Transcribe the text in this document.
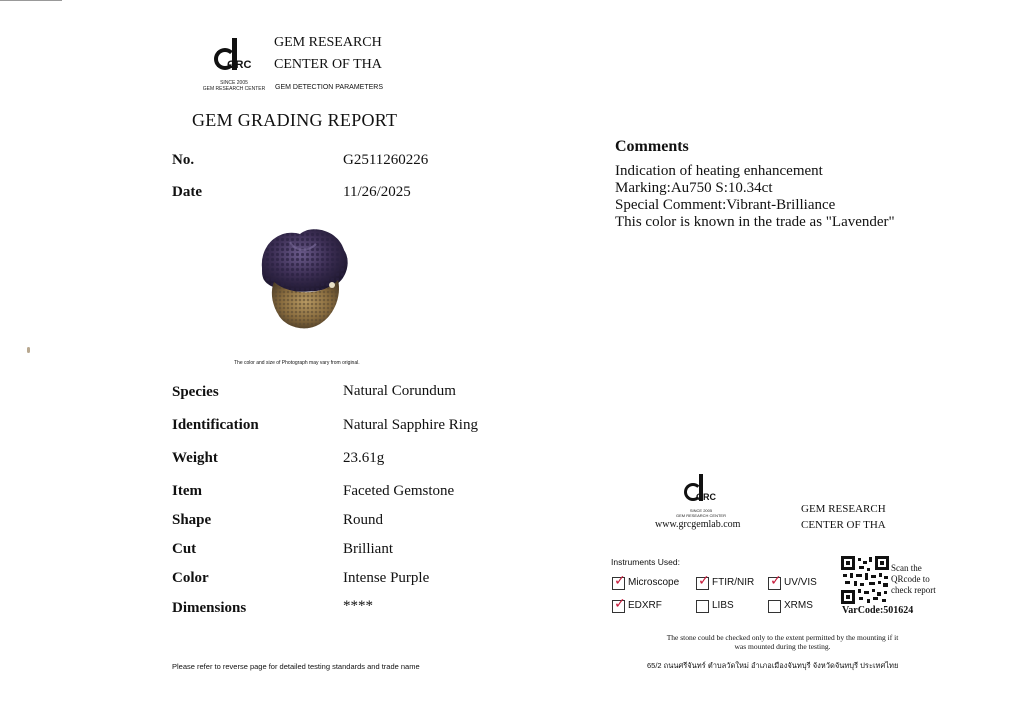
GRC
SINCE 2005
GEM RESEARCH CENTER
GEM RESEARCH
CENTER OF THA
GEM DETECTION PARAMETERS
GEM GRADING REPORT
No.	G2511260226
Date	11/26/2025
The color and size of Photograph may vary from original.
Species	Natural Corundum
Identification	Natural Sapphire Ring
Weight	23.61g
Item	Faceted Gemstone
Shape	Round
Cut	Brilliant
Color	Intense Purple
Dimensions	****
Please refer to reverse page for detailed testing standards and trade name
Comments
Indication of heating enhancement
Marking:Au750 S:10.34ct
Special Comment:Vibrant-Brilliance
This color is known in the trade as "Lavender"
GRC
SINCE 2005
GEM RESEARCH CENTER
www.grcgemlab.com
GEM RESEARCH
CENTER OF THA
Instruments Used:
✓ Microscope ✓ FTIR/NIR ✓ UV/VIS
✓ EDXRF	LIBS	XRMS
Scan the
QRcode to
check report
VarCode:501624
The stone could be checked only to the extent permitted by the mounting if it
was mounted during the testing.
65/2 ถนนศรีจันทร์ ตำบลวัดใหม่ อำเภอเมืองจันทบุรี จังหวัดจันทบุรี ประเทศไทย
